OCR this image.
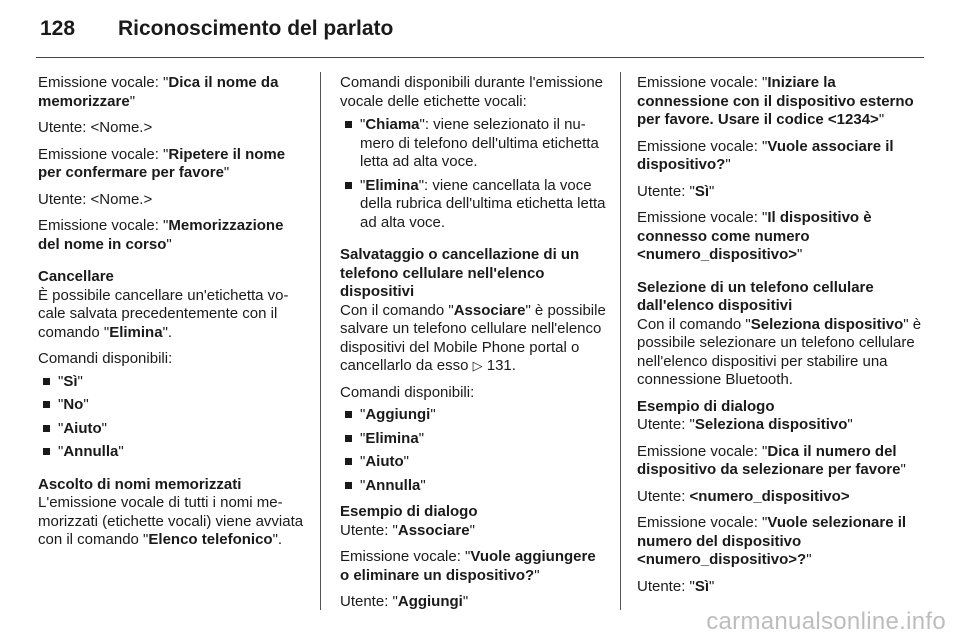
128 Riconoscimento del parlato

Emissione vocale: "Dica il nome da memorizzare"

Utente: <Nome.>

Emissione vocale: "Ripetere il nome per confermare per favore"

Utente: <Nome.>

Emissione vocale: "Memorizzazione del nome in corso"

Cancellare

È possibile cancellare un'etichetta vocale salvata precedentemente con il comando "Elimina".

Comandi disponibili:

"Sì"
"No"
"Aiuto"
"Annulla"
Ascolto di nomi memorizzati

L'emissione vocale di tutti i nomi memorizzati (etichette vocali) viene avviata con il comando "Elenco telefonico".

Comandi disponibili durante l'emissione vocale delle etichette vocali:

"Chiama": viene selezionato il numero di telefono dell'ultima etichetta letta ad alta voce.
"Elimina": viene cancellata la voce della rubrica dell'ultima etichetta letta ad alta voce.
Salvataggio o cancellazione di un telefono cellulare nell'elenco dispositivi

Con il comando "Associare" è possibile salvare un telefono cellulare nell'elenco dispositivi del Mobile Phone portal o cancellarlo da esso ▷ 131.

Comandi disponibili:

"Aggiungi"
"Elimina"
"Aiuto"
"Annulla"
Esempio di dialogo

Utente: "Associare"

Emissione vocale: "Vuole aggiungere o eliminare un dispositivo?"

Utente: "Aggiungi"

Emissione vocale: "Iniziare la connessione con il dispositivo esterno per favore. Usare il codice <1234>"

Emissione vocale: "Vuole associare il dispositivo?"

Utente: "Sì"

Emissione vocale: "Il dispositivo è connesso come numero <numero_dispositivo>"

Selezione di un telefono cellulare dall'elenco dispositivi

Con il comando "Seleziona dispositivo" è possibile selezionare un telefono cellulare nell'elenco dispositivi per stabilire una connessione Bluetooth.

Esempio di dialogo

Utente: "Seleziona dispositivo"

Emissione vocale: "Dica il numero del dispositivo da selezionare per favore"

Utente: <numero_dispositivo>

Emissione vocale: "Vuole selezionare il numero del dispositivo <numero_dispositivo>?"

Utente: "Sì"

carmanualsonline.info
